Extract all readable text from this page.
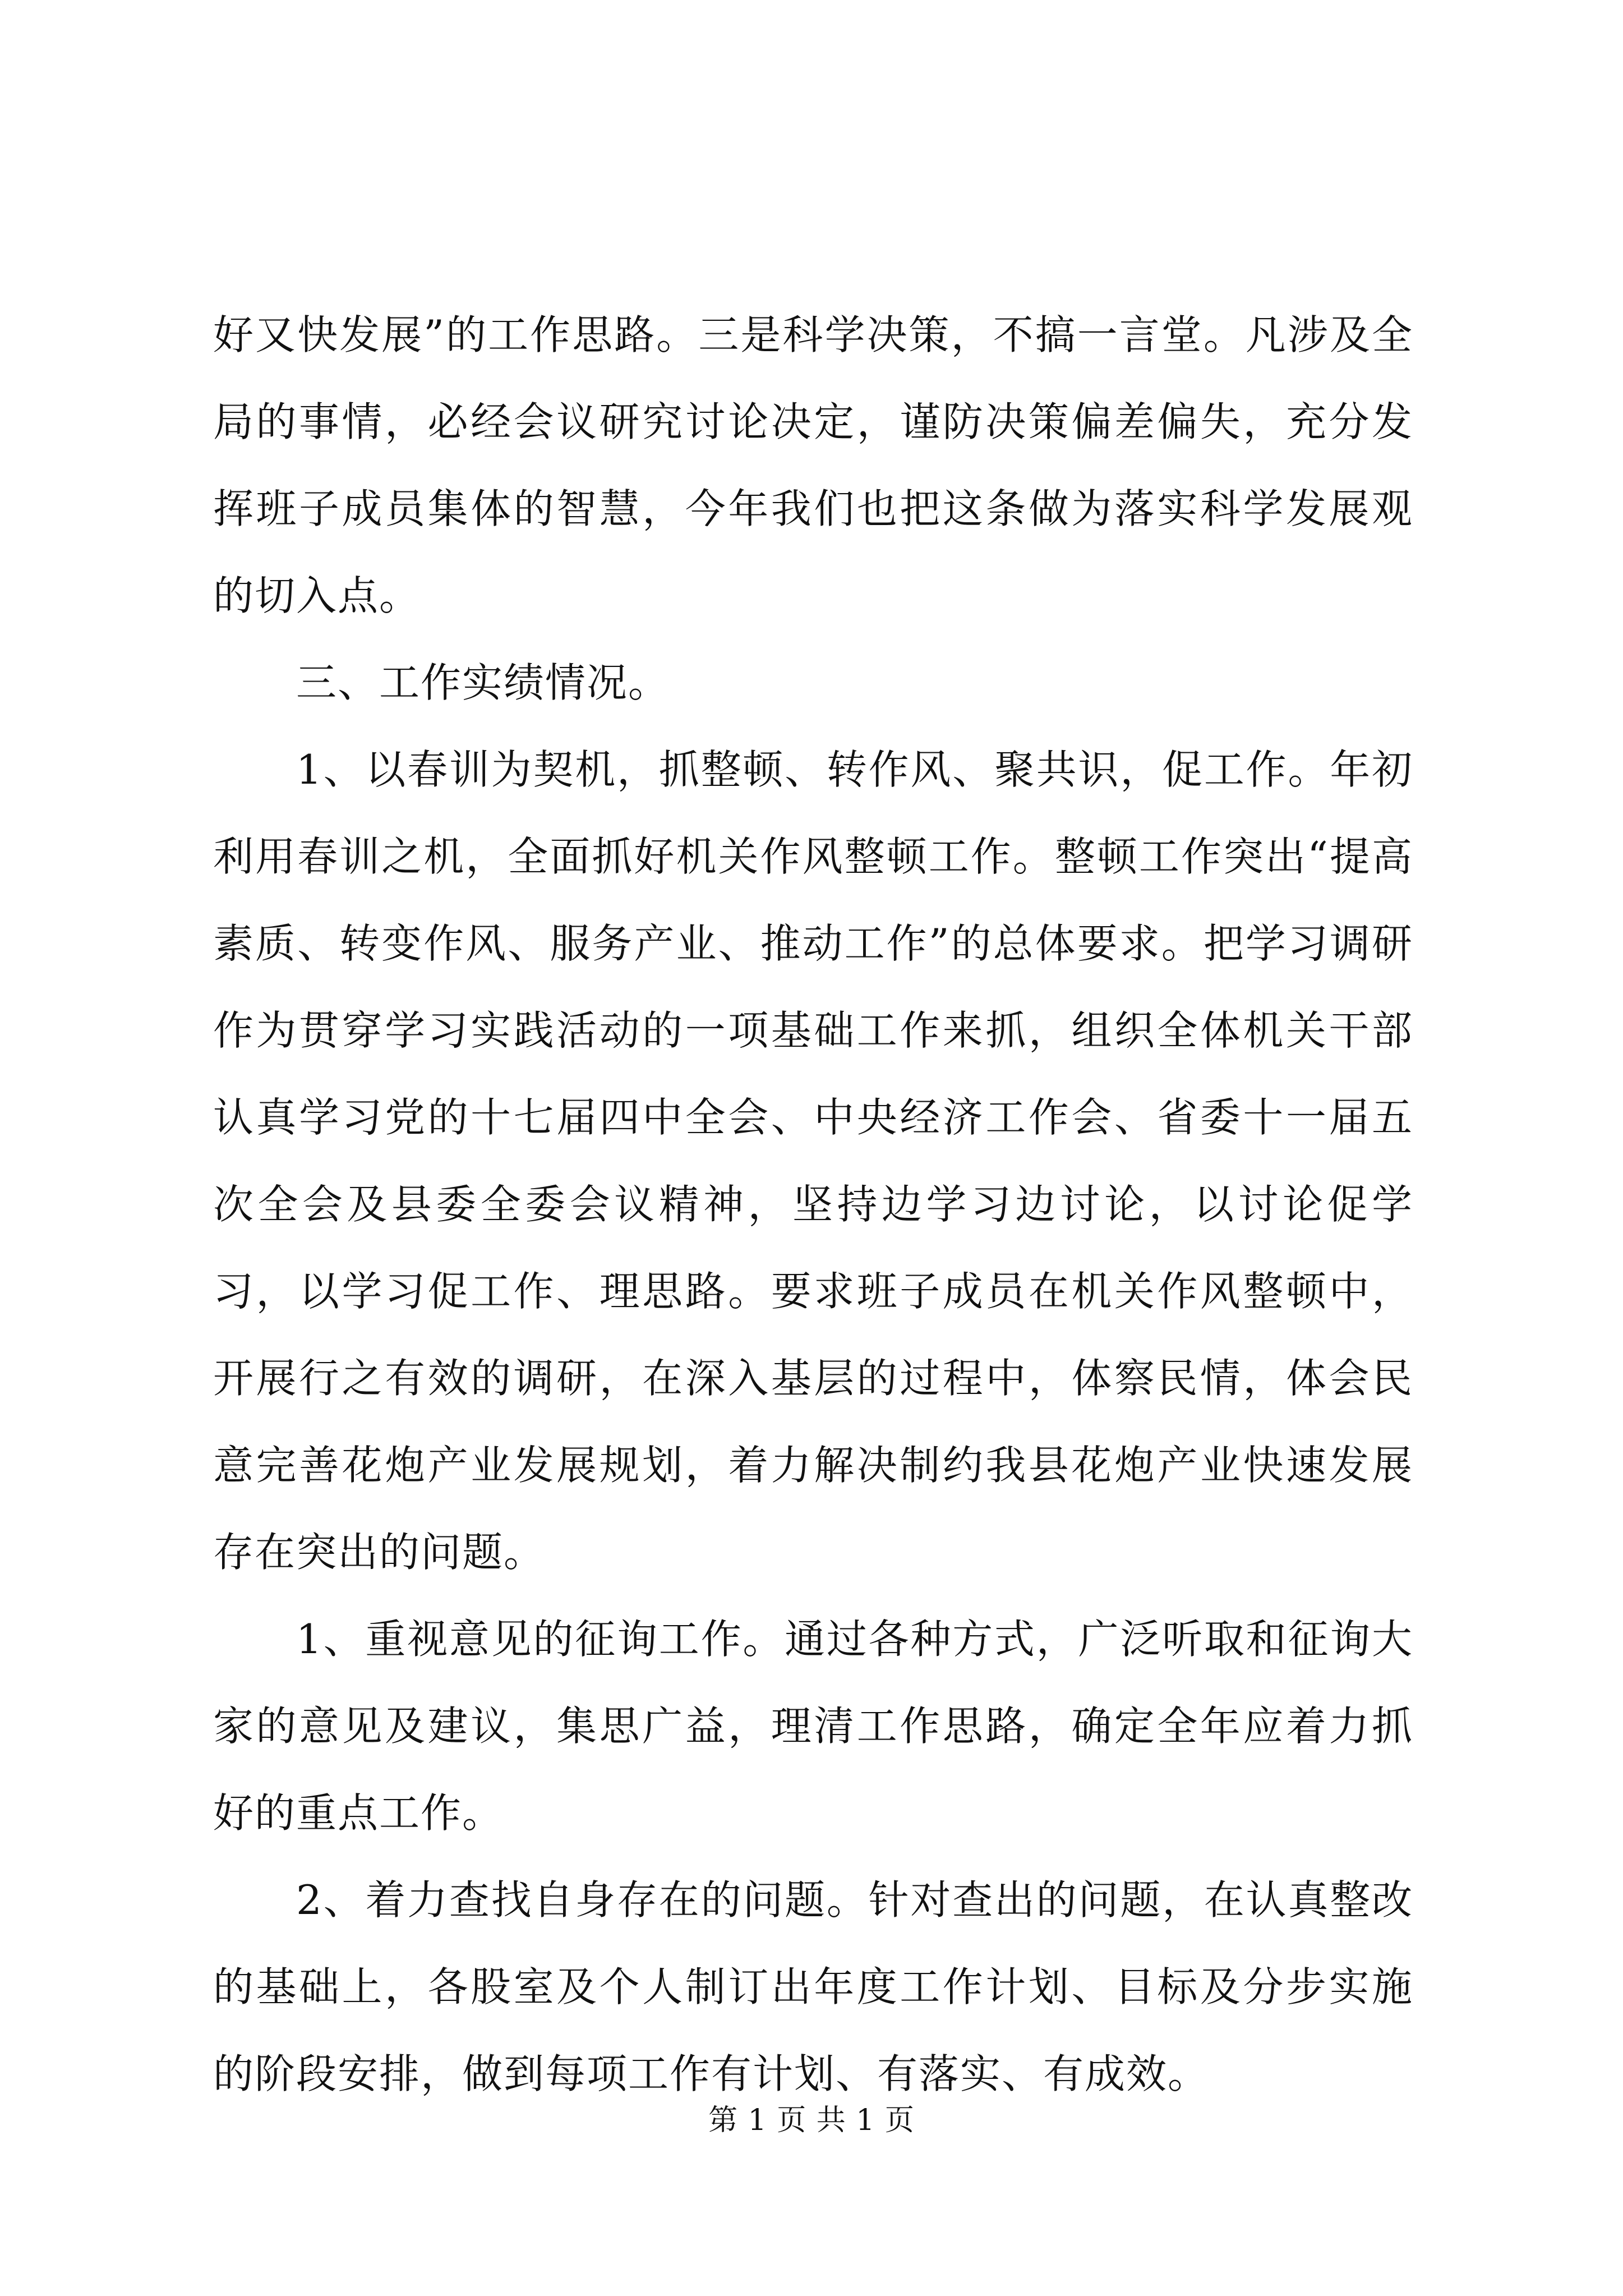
好又快发展”的工作思路。三是科学决策，不搞一言堂。凡涉及全局的事情，必经会议研究讨论决定，谨防决策偏差偏失，充分发挥班子成员集体的智慧，今年我们也把这条做为落实科学发展观的切入点。

三、工作实绩情况。

1、以春训为契机，抓整顿、转作风、聚共识，促工作。年初利用春训之机，全面抓好机关作风整顿工作。整顿工作突出“提高素质、转变作风、服务产业、推动工作”的总体要求。把学习调研作为贯穿学习实践活动的一项基础工作来抓，组织全体机关干部认真学习党的十七届四中全会、中央经济工作会、省委十一届五次全会及县委全委会议精神，坚持边学习边讨论，以讨论促学习，以学习促工作、理思路。要求班子成员在机关作风整顿中，开展行之有效的调研，在深入基层的过程中，体察民情，体会民意完善花炮产业发展规划，着力解决制约我县花炮产业快速发展存在突出的问题。

1、重视意见的征询工作。通过各种方式，广泛听取和征询大家的意见及建议，集思广益，理清工作思路，确定全年应着力抓好的重点工作。

2、着力查找自身存在的问题。针对查出的问题，在认真整改的基础上，各股室及个人制订出年度工作计划、目标及分步实施的阶段安排，做到每项工作有计划、有落实、有成效。

第 1 页 共 1 页
